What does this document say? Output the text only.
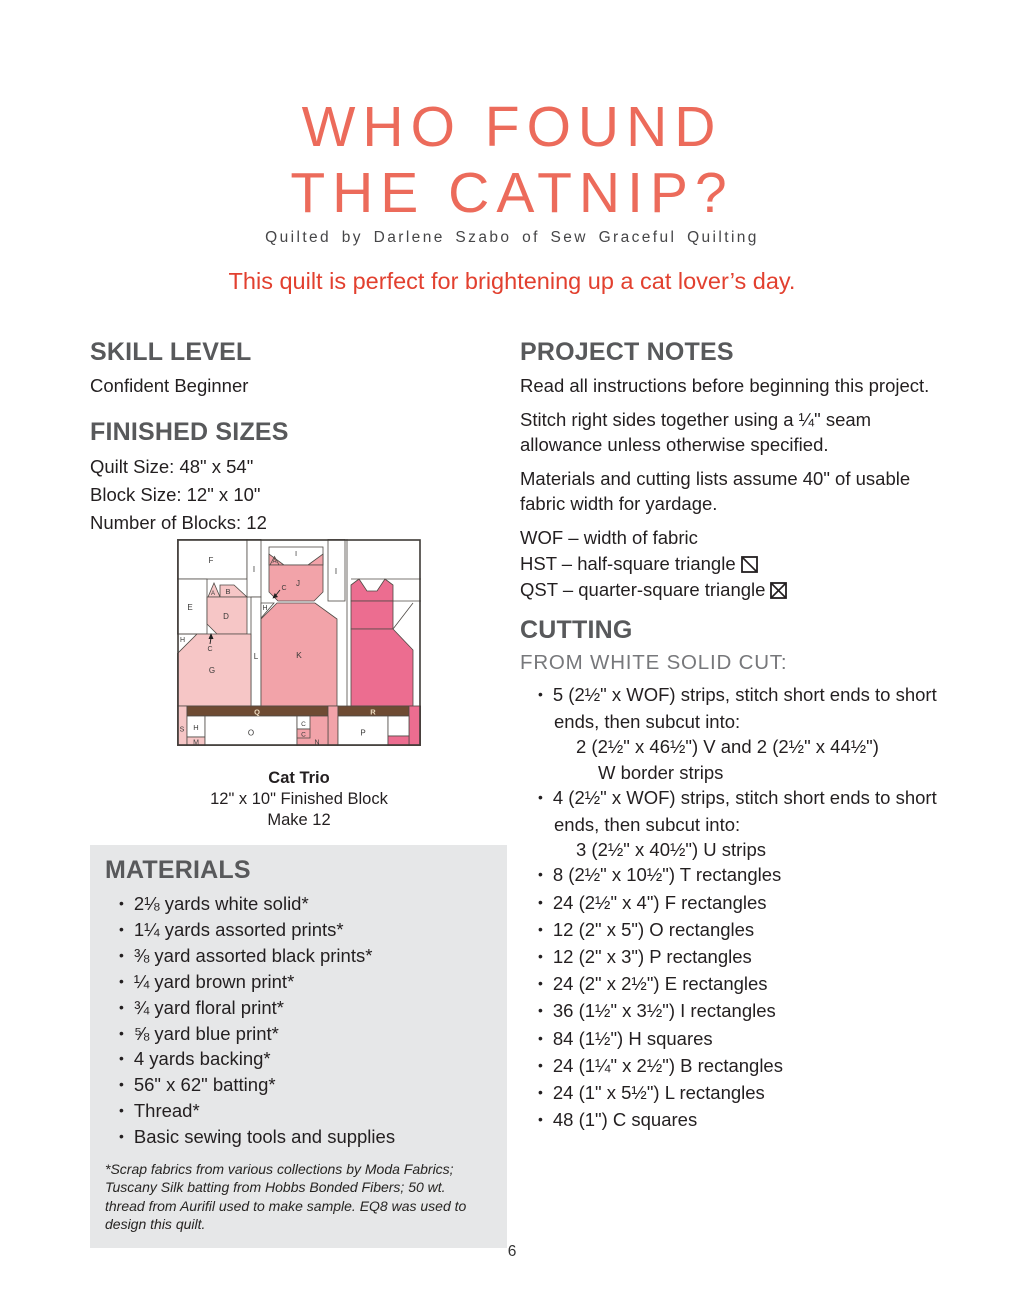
WHO FOUND
THE CATNIP?
Quilted by Darlene Szabo of Sew Graceful Quilting
This quilt is perfect for brightening up a cat lover’s day.
SKILL LEVEL

Confident Beginner

FINISHED SIZES
Quilt Size: 48" x 54"
Block Size: 12" x 10"
Number of Blocks: 12
F
I
A
I
I
J
C
H
A B
E
D
H
C
G
L	K
Q	R
S H
M
O
C
C
N
P
Cat Trio
12" x 10" Finished Block
Make 12
MATERIALS
• 2⅛ yards white solid*
• 1¼ yards assorted prints*
• ⅜ yard assorted black prints*
• ¼ yard brown print*
• ¾ yard floral print*
• ⅝ yard blue print*
• 4 yards backing*
• 56" x 62" batting*
• Thread*
• Basic sewing tools and supplies
*Scrap fabrics from various collections by Moda Fabrics; Tuscany Silk batting from Hobbs Bonded Fibers; 50 wt. thread from Aurifil used to make sample. EQ8 was used to design this quilt.
PROJECT NOTES

Read all instructions before beginning this project.

Stitch right sides together using a ¼" seam allowance unless otherwise specified.

Materials and cutting lists assume 40" of usable fabric width for yardage.

WOF – width of fabric
HST – half-square triangle
QST – quarter-square triangle
CUTTING

FROM WHITE SOLID CUT:

• 5 (2½" x WOF) strips, stitch short ends to short ends, then subcut into:
2 (2½" x 46½") V and 2 (2½" x 44½")
W border strips
• 4 (2½" x WOF) strips, stitch short ends to short ends, then subcut into:
3 (2½" x 40½") U strips
• 8 (2½" x 10½") T rectangles
• 24 (2½" x 4") F rectangles
• 12 (2" x 5") O rectangles
• 12 (2" x 3") P rectangles
• 24 (2" x 2½") E rectangles
• 36 (1½" x 3½") I rectangles
• 84 (1½") H squares
• 24 (1¼" x 2½") B rectangles
• 24 (1" x 5½") L rectangles
• 48 (1") C squares
6
